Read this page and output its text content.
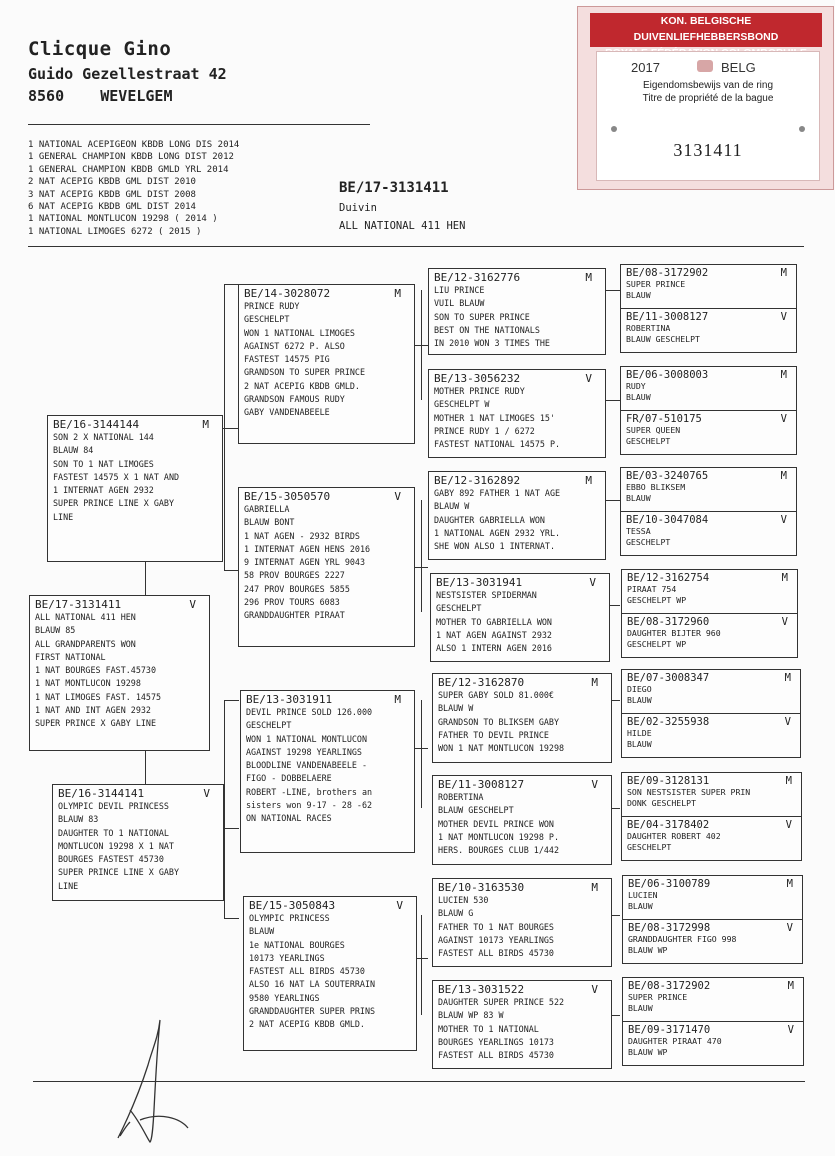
Clicque Gino
Guido Gezellestraat 42
8560 WEVELGEM
1 NATIONAL ACEPIGEON KBDB LONG DIS 2014
1 GENERAL CHAMPION KBDB LONG DIST 2012
1 GENERAL CHAMPION KBDB GMLD YRL 2014
2 NAT ACEPIG KBDB GML DIST 2010
3 NAT ACEPIG KBDB GML DIST 2008
6 NAT ACEPIG KBDB GML DIST 2014
1 NATIONAL MONTLUCON 19298 ( 2014 )
1 NATIONAL LIMOGES 6272 ( 2015 )
BE/17-3131411
Duivin
ALL NATIONAL 411 HEN
KON. BELGISCHE DUIVENLIEFHEBBERSBOND
2017	BELG
Eigendomsbewijs van de ring
Titre de propriété de la bague
3131411
BE/17-3131411	V
ALL NATIONAL 411 HEN
BLAUW 85
ALL GRANDPARENTS WON
FIRST NATIONAL
1 NAT BOURGES FAST.45730
1 NAT MONTLUCON 19298
1 NAT LIMOGES FAST. 14575
1 NAT AND INT AGEN 2932
SUPER PRINCE X GABY LINE
BE/16-3144144	M
SON 2 X NATIONAL 144
BLAUW 84
SON TO 1 NAT LIMOGES
FASTEST 14575 X 1 NAT AND
1 INTERNAT AGEN 2932
SUPER PRINCE LINE X GABY
LINE
BE/16-3144141	V
OLYMPIC DEVIL PRINCESS
BLAUW 83
DAUGHTER TO 1 NATIONAL
MONTLUCON 19298 X 1 NAT
BOURGES FASTEST 45730
SUPER PRINCE LINE X GABY
LINE
BE/14-3028072	M
PRINCE RUDY
GESCHELPT
WON 1 NATIONAL LIMOGES
AGAINST 6272 P. ALSO
FASTEST 14575 PIG
GRANDSON TO SUPER PRINCE
2 NAT ACEPIG KBDB GMLD.
GRANDSON FAMOUS RUDY
GABY VANDENABEELE
BE/15-3050570	V
GABRIELLA
BLAUW BONT
1 NAT AGEN - 2932 BIRDS
1 INTERNAT AGEN HENS 2016
9 INTERNAT AGEN YRL 9043
58 PROV BOURGES 2227
247 PROV BOURGES 5855
296 PROV TOURS 6083
GRANDDAUGHTER PIRAAT
BE/13-3031911	M
DEVIL PRINCE SOLD 126.000
GESCHELPT
WON 1 NATIONAL MONTLUCON
AGAINST 19298 YEARLINGS
BLOODLINE VANDENABEELE -
FIGO - DOBBELAERE
ROBERT -LINE, brothers an
sisters won 9-17 - 28 -62
ON NATIONAL RACES
BE/15-3050843	V
OLYMPIC PRINCESS
BLAUW
1e NATIONAL BOURGES
10173 YEARLINGS
FASTEST ALL BIRDS 45730
ALSO 16 NAT LA SOUTERRAIN
9580 YEARLINGS
GRANDDAUGHTER SUPER PRINS
2 NAT ACEPIG KBDB GMLD.
BE/12-3162776	M
LIU PRINCE
VUIL BLAUW
SON TO SUPER PRINCE
BEST ON THE NATIONALS
IN 2010 WON 3 TIMES THE
BE/13-3056232	V
MOTHER PRINCE RUDY
GESCHELPT W
MOTHER 1 NAT LIMOGES 15'
PRINCE RUDY 1 / 6272
FASTEST NATIONAL 14575 P.
BE/12-3162892	M
GABY 892 FATHER 1 NAT AGE
BLAUW W
DAUGHTER GABRIELLA WON
1 NATIONAL AGEN 2932 YRL.
SHE WON ALSO 1 INTERNAT.
BE/13-3031941	V
NESTSISTER SPIDERMAN
GESCHELPT
MOTHER TO GABRIELLA WON
1 NAT AGEN AGAINST 2932
ALSO 1 INTERN AGEN 2016
BE/12-3162870	M
SUPER GABY SOLD 81.000€
BLAUW W
GRANDSON TO BLIKSEM GABY
FATHER TO DEVIL PRINCE
WON 1 NAT MONTLUCON 19298
BE/11-3008127	V
ROBERTINA
BLAUW GESCHELPT
MOTHER DEVIL PRINCE WON
1 NAT MONTLUCON 19298 P.
HERS. BOURGES CLUB 1/442
BE/10-3163530	M
LUCIEN 530
BLAUW G
FATHER TO 1 NAT BOURGES
AGAINST 10173 YEARLINGS
FASTEST ALL BIRDS 45730
BE/13-3031522	V
DAUGHTER SUPER PRINCE 522
BLAUW WP 83 W
MOTHER TO 1 NATIONAL
BOURGES YEARLINGS 10173
FASTEST ALL BIRDS 45730
BE/08-3172902	M
SUPER PRINCE
BLAUW
BE/11-3008127	V
ROBERTINA
BLAUW GESCHELPT
BE/06-3008003	M
RUDY
BLAUW
FR/07-510175	V
SUPER QUEEN
GESCHELPT
BE/03-3240765	M
EBBO BLIKSEM
BLAUW
BE/10-3047084	V
TESSA
GESCHELPT
BE/12-3162754	M
PIRAAT 754
GESCHELPT WP
BE/08-3172960	V
DAUGHTER BIJTER 960
GESCHELPT WP
BE/07-3008347	M
DIEGO
BLAUW
BE/02-3255938	V
HILDE
BLAUW
BE/09-3128131	M
SON NESTSISTER SUPER PRIN
DONK GESCHELPT
BE/04-3178402	V
DAUGHTER ROBERT 402
GESCHELPT
BE/06-3100789	M
LUCIEN
BLAUW
BE/08-3172998	V
GRANDDAUGHTER FIGO 998
BLAUW WP
BE/08-3172902	M
SUPER PRINCE
BLAUW
BE/09-3171470	V
DAUGHTER PIRAAT 470
BLAUW WP
